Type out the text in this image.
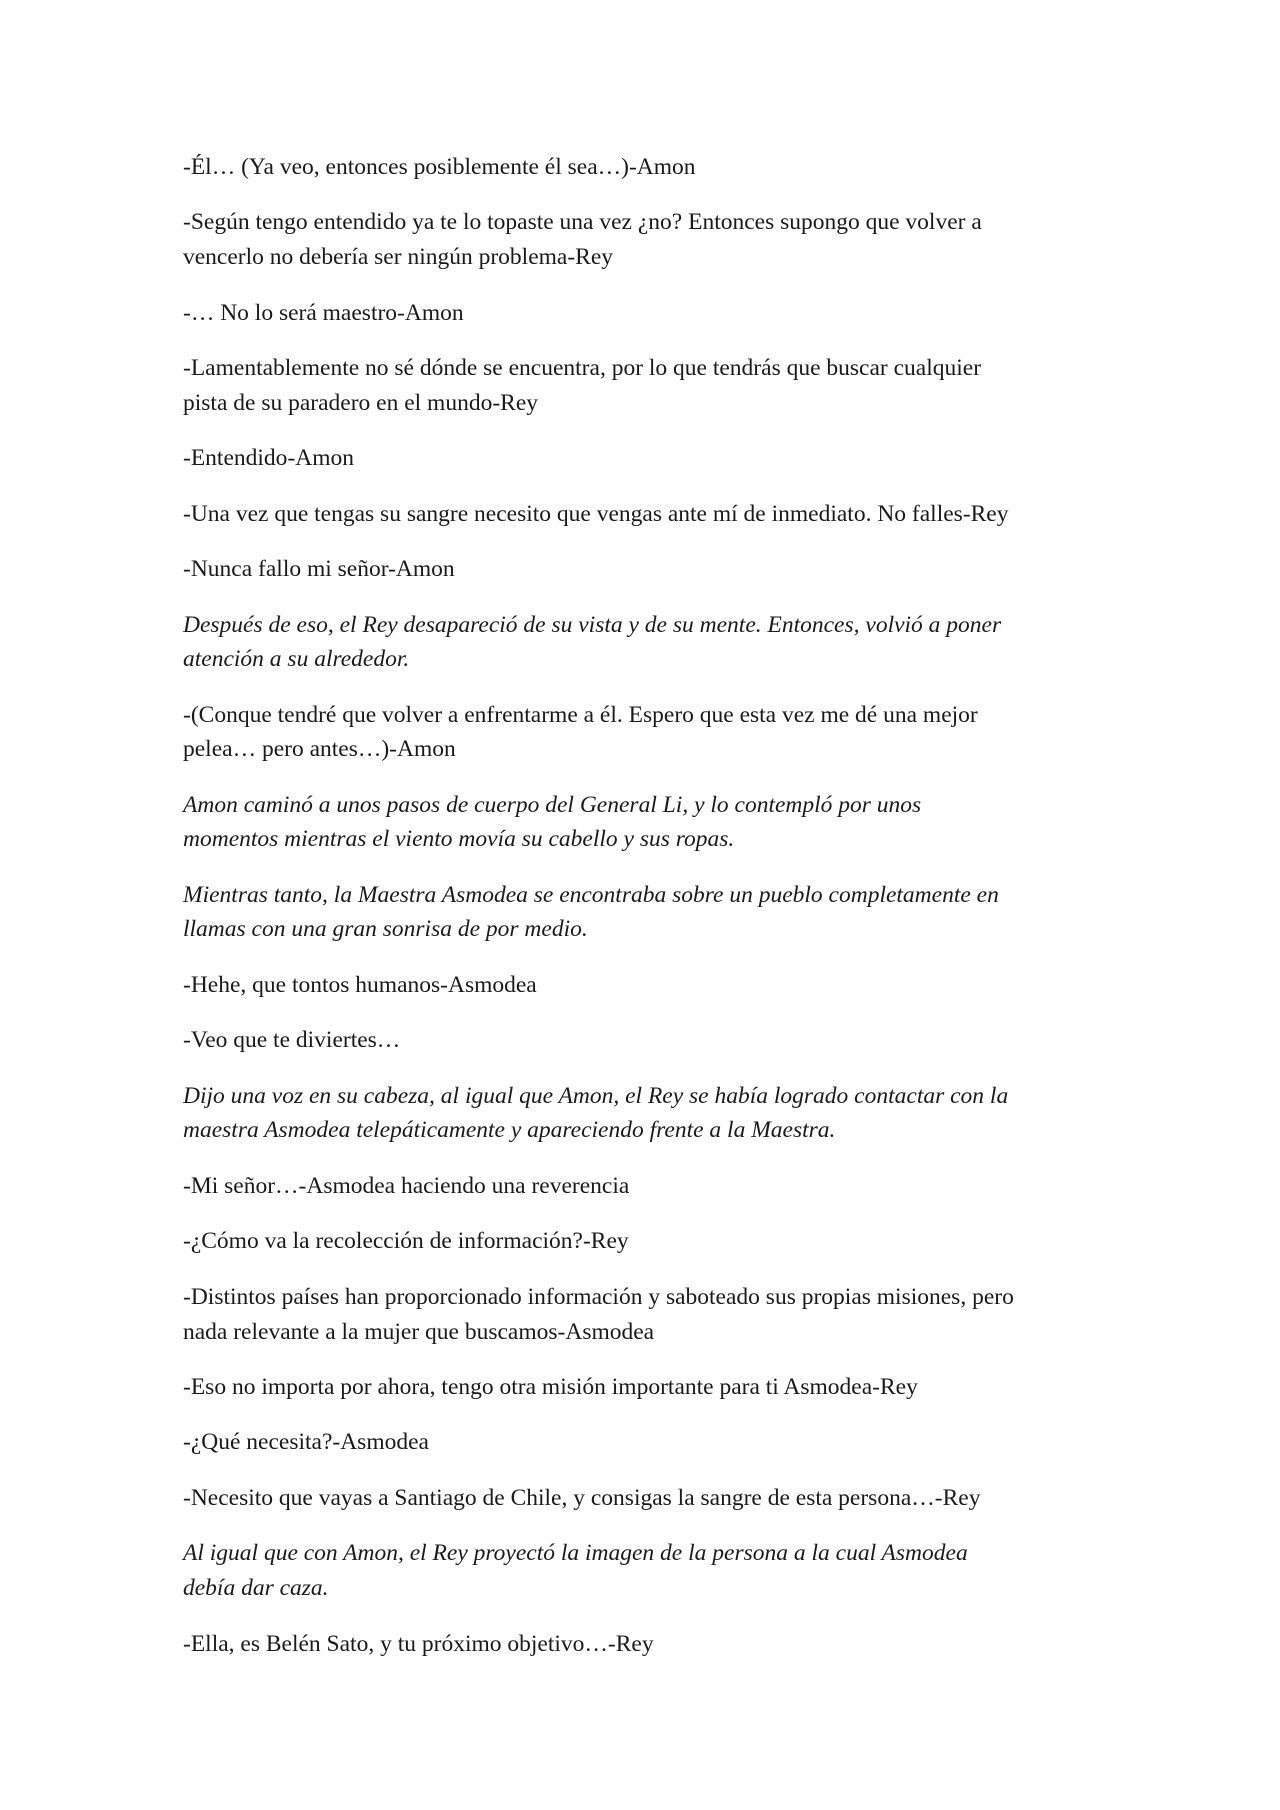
-Él… (Ya veo, entonces posiblemente él sea…)-Amon

-Según tengo entendido ya te lo topaste una vez ¿no? Entonces supongo que volver a
vencerlo no debería ser ningún problema-Rey

-… No lo será maestro-Amon

-Lamentablemente no sé dónde se encuentra, por lo que tendrás que buscar cualquier
pista de su paradero en el mundo-Rey

-Entendido-Amon

-Una vez que tengas su sangre necesito que vengas ante mí de inmediato. No falles-Rey

-Nunca fallo mi señor-Amon

Después de eso, el Rey desapareció de su vista y de su mente. Entonces, volvió a poner
atención a su alrededor.

-(Conque tendré que volver a enfrentarme a él. Espero que esta vez me dé una mejor
pelea… pero antes…)-Amon

Amon caminó a unos pasos de cuerpo del General Li, y lo contempló por unos
momentos mientras el viento movía su cabello y sus ropas.

Mientras tanto, la Maestra Asmodea se encontraba sobre un pueblo completamente en
llamas con una gran sonrisa de por medio.

-Hehe, que tontos humanos-Asmodea

-Veo que te diviertes…

Dijo una voz en su cabeza, al igual que Amon, el Rey se había logrado contactar con la
maestra Asmodea telepáticamente y apareciendo frente a la Maestra.

-Mi señor…-Asmodea haciendo una reverencia

-¿Cómo va la recolección de información?-Rey

-Distintos países han proporcionado información y saboteado sus propias misiones, pero
nada relevante a la mujer que buscamos-Asmodea

-Eso no importa por ahora, tengo otra misión importante para ti Asmodea-Rey

-¿Qué necesita?-Asmodea

-Necesito que vayas a Santiago de Chile, y consigas la sangre de esta persona…-Rey

Al igual que con Amon, el Rey proyectó la imagen de la persona a la cual Asmodea
debía dar caza.

-Ella, es Belén Sato, y tu próximo objetivo…-Rey
